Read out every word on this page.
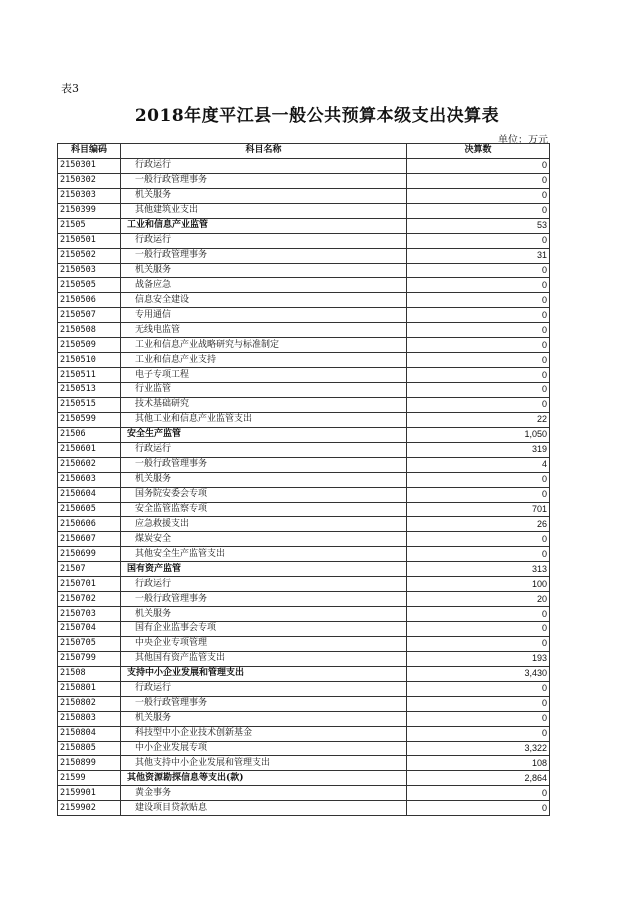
表3
2018年度平江县一般公共预算本级支出决算表
单位：万元
科目编码	科目名称	决算数
2150301	行政运行	0
2150302	一般行政管理事务	0
2150303	机关服务	0
2150399	其他建筑业支出	0
21505	工业和信息产业监管	53
2150501	行政运行	0
2150502	一般行政管理事务	31
2150503	机关服务	0
2150505	战备应急	0
2150506	信息安全建设	0
2150507	专用通信	0
2150508	无线电监管	0
2150509	工业和信息产业战略研究与标准制定	0
2150510	工业和信息产业支持	0
2150511	电子专项工程	0
2150513	行业监管	0
2150515	技术基础研究	0
2150599	其他工业和信息产业监管支出	22
21506	安全生产监管	1,050
2150601	行政运行	319
2150602	一般行政管理事务	4
2150603	机关服务	0
2150604	国务院安委会专项	0
2150605	安全监管监察专项	701
2150606	应急救援支出	26
2150607	煤炭安全	0
2150699	其他安全生产监管支出	0
21507	国有资产监管	313
2150701	行政运行	100
2150702	一般行政管理事务	20
2150703	机关服务	0
2150704	国有企业监事会专项	0
2150705	中央企业专项管理	0
2150799	其他国有资产监管支出	193
21508	支持中小企业发展和管理支出	3,430
2150801	行政运行	0
2150802	一般行政管理事务	0
2150803	机关服务	0
2150804	科技型中小企业技术创新基金	0
2150805	中小企业发展专项	3,322
2150899	其他支持中小企业发展和管理支出	108
21599	其他资源勘探信息等支出(款)	2,864
2159901	黄金事务	0
2159902	建设项目贷款贴息	0
